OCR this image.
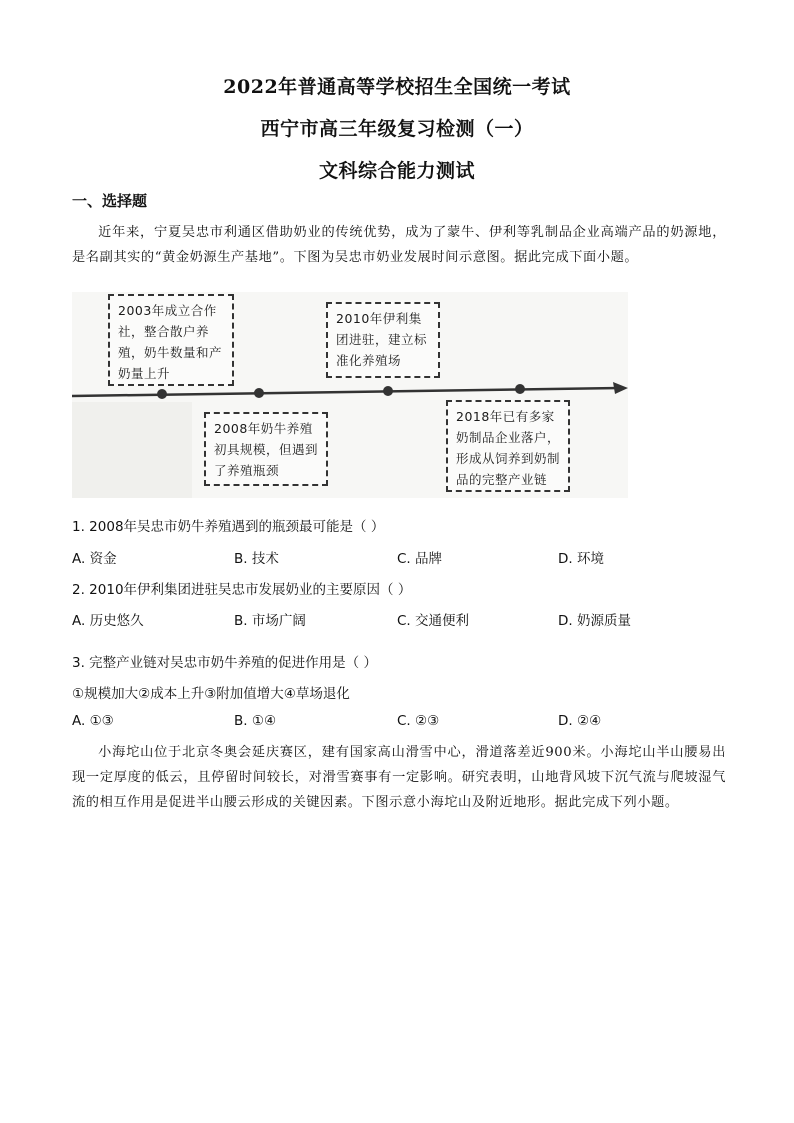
2022年普通高等学校招生全国统一考试
西宁市高三年级复习检测（一）
文科综合能力测试
一、选择题
近年来，宁夏吴忠市利通区借助奶业的传统优势，成为了蒙牛、伊利等乳制品企业高端产品的奶源地，是名副其实的“黄金奶源生产基地”。下图为吴忠市奶业发展时间示意图。据此完成下面小题。
2003年成立合作社，整合散户养殖，奶牛数量和产奶量上升
2010年伊利集团进驻，建立标准化养殖场
2008年奶牛养殖初具规模，但遇到了养殖瓶颈
2018年已有多家奶制品企业落户，形成从饲养到奶制品的完整产业链
1. 2008年吴忠市奶牛养殖遇到的瓶颈最可能是（ ）
A. 资金	B. 技术	C. 品牌	D. 环境
2. 2010年伊利集团进驻吴忠市发展奶业的主要原因（ ）
A. 历史悠久	B. 市场广阔	C. 交通便利	D. 奶源质量
3. 完整产业链对吴忠市奶牛养殖的促进作用是（ ）
①规模加大②成本上升③附加值增大④草场退化
A. ①③	B. ①④	C. ②③	D. ②④
小海坨山位于北京冬奥会延庆赛区，建有国家高山滑雪中心，滑道落差近900米。小海坨山半山腰易出现一定厚度的低云，且停留时间较长，对滑雪赛事有一定影响。研究表明，山地背风坡下沉气流与爬坡湿气流的相互作用是促进半山腰云形成的关键因素。下图示意小海坨山及附近地形。据此完成下列小题。
